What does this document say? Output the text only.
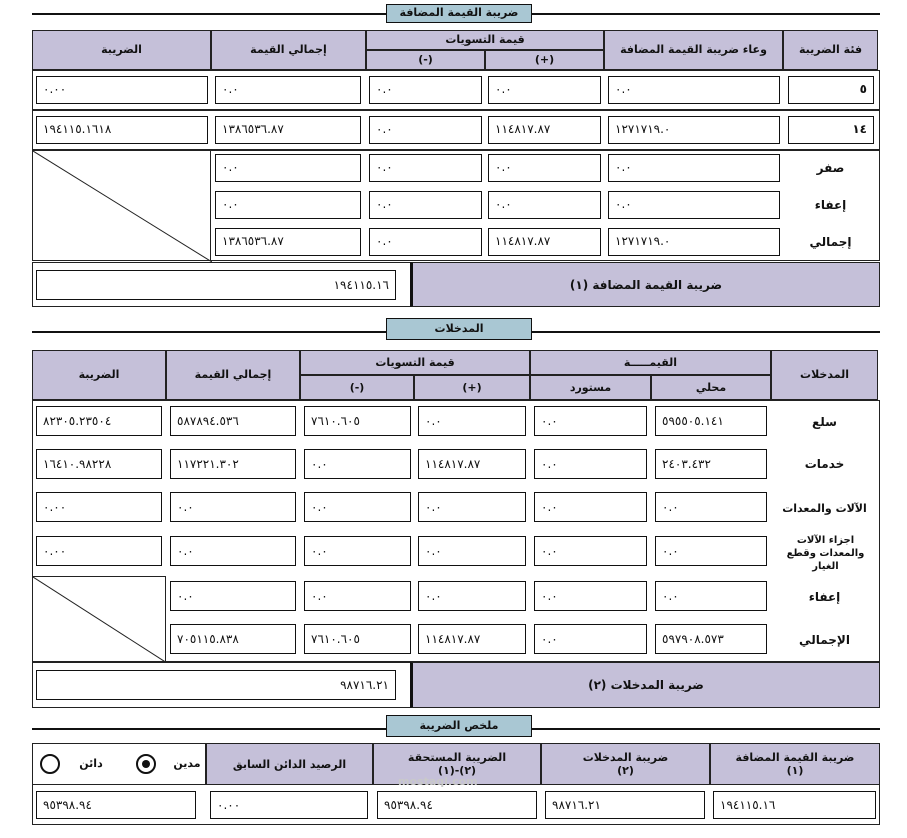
ضريبة القيمة المضافة
فئة الضريبة
وعاء ضريبة القيمة المضافة
قيمة التسويات
(+)
(-)
إجمالي القيمة
الضريبة
٥
٠.٠
٠.٠
٠.٠
٠.٠
٠.٠٠
١٤
١٢٧١٧١٩.٠
١١٤٨١٧.٨٧
٠.٠
١٣٨٦٥٣٦.٨٧
١٩٤١١٥.١٦١٨
صفر
٠.٠
٠.٠
٠.٠
٠.٠
إعفاء
٠.٠
٠.٠
٠.٠
٠.٠
إجمالي
١٢٧١٧١٩.٠
١١٤٨١٧.٨٧
٠.٠
١٣٨٦٥٣٦.٨٧
١٩٤١١٥.١٦	ضريبة القيمة المضافة (١)
المدخلات
المدخلات
القيمـــــة
محلي
مستورد
قيمة التسويات
(+)
(-)
إجمالي القيمة
الضريبة
سلع
٥٩٥٥٠٥.١٤١
٠.٠
٠.٠
٧٦١٠.٦٠٥
٥٨٧٨٩٤.٥٣٦
٨٢٣٠٥.٢٣٥٠٤
خدمات
٢٤٠٣.٤٣٢
٠.٠
١١٤٨١٧.٨٧
٠.٠
١١٧٢٢١.٣٠٢
١٦٤١٠.٩٨٢٢٨
الآلات والمعدات
٠.٠
٠.٠
٠.٠
٠.٠
٠.٠
٠.٠٠
اجزاء الآلات والمعدات وقطع الغيار
٠.٠
٠.٠
٠.٠
٠.٠
٠.٠
٠.٠٠
إعفاء
٠.٠
٠.٠
٠.٠
٠.٠
٠.٠
الإجمالي
٥٩٧٩٠٨.٥٧٣
٠.٠
١١٤٨١٧.٨٧
٧٦١٠.٦٠٥
٧٠٥١١٥.٨٣٨
٩٨٧١٦.٢١	ضريبة المدخلات (٢)
ملخص الضريبة
ضريبة القيمة المضافة
(١)
ضريبة المدخلات
(٢)
الضريبة المستحقة
(٢)-(١)
الرصيد الدائن السابق
مدين
دائن
١٩٤١١٥.١٦
٩٨٧١٦.٢١
٩٥٣٩٨.٩٤
٠.٠٠
٩٥٣٩٨.٩٤
mostaql.com
